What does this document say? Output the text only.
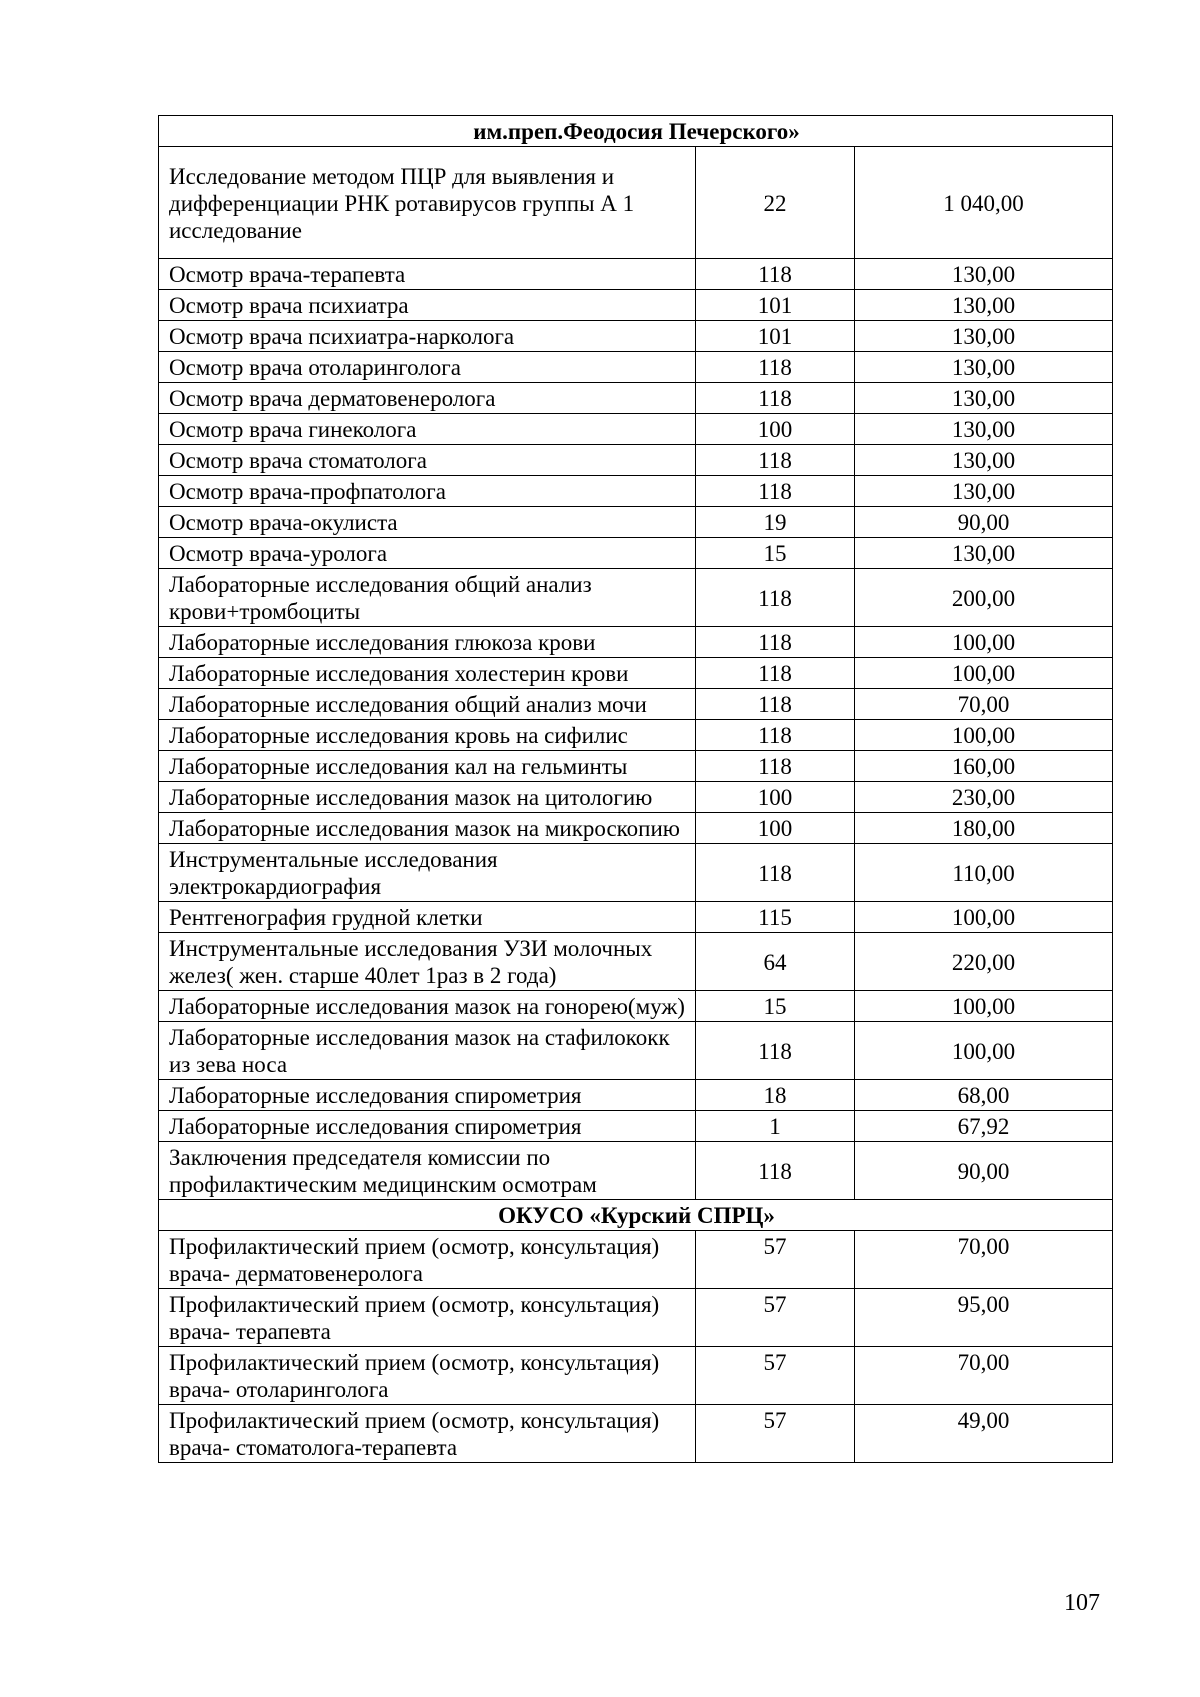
им.преп.Феодосия Печерского»		
Исследование методом ПЦР для выявления и дифференциации РНК ротавирусов группы А 1 исследование	22	1 040,00
Осмотр врача-терапевта	118	130,00
Осмотр врача психиатра	101	130,00
Осмотр врача психиатра-нарколога	101	130,00
Осмотр врача отоларинголога	118	130,00
Осмотр врача дерматовенеролога	118	130,00
Осмотр врача гинеколога	100	130,00
Осмотр врача стоматолога	118	130,00
Осмотр врача-профпатолога	118	130,00
Осмотр врача-окулиста	19	90,00
Осмотр врача-уролога	15	130,00
Лабораторные исследования общий анализ крови+тромбоциты	118	200,00
Лабораторные исследования глюкоза крови	118	100,00
Лабораторные исследования холестерин крови	118	100,00
Лабораторные исследования общий анализ мочи	118	70,00
Лабораторные исследования кровь на сифилис	118	100,00
Лабораторные исследования кал на гельминты	118	160,00
Лабораторные исследования мазок на цитологию	100	230,00
Лабораторные исследования мазок на микроскопию	100	180,00
Инструментальные исследования электрокардиография	118	110,00
Рентгенография грудной клетки	115	100,00
Инструментальные исследования УЗИ молочных желез( жен. старше 40лет 1раз в 2 года)	64	220,00
Лабораторные исследования мазок на гонорею(муж)	15	100,00
Лабораторные исследования мазок на стафилококк из зева носа	118	100,00
Лабораторные исследования спирометрия	18	68,00
Лабораторные исследования спирометрия	1	67,92
Заключения председателя комиссии по профилактическим медицинским осмотрам	118	90,00
ОКУСО «Курский СПРЦ»		
Профилактический прием (осмотр, консультация) врача- дерматовенеролога	57	70,00
Профилактический прием (осмотр, консультация) врача- терапевта	57	95,00
Профилактический прием (осмотр, консультация) врача- отоларинголога	57	70,00
Профилактический прием (осмотр, консультация) врача- стоматолога-терапевта	57	49,00
107
